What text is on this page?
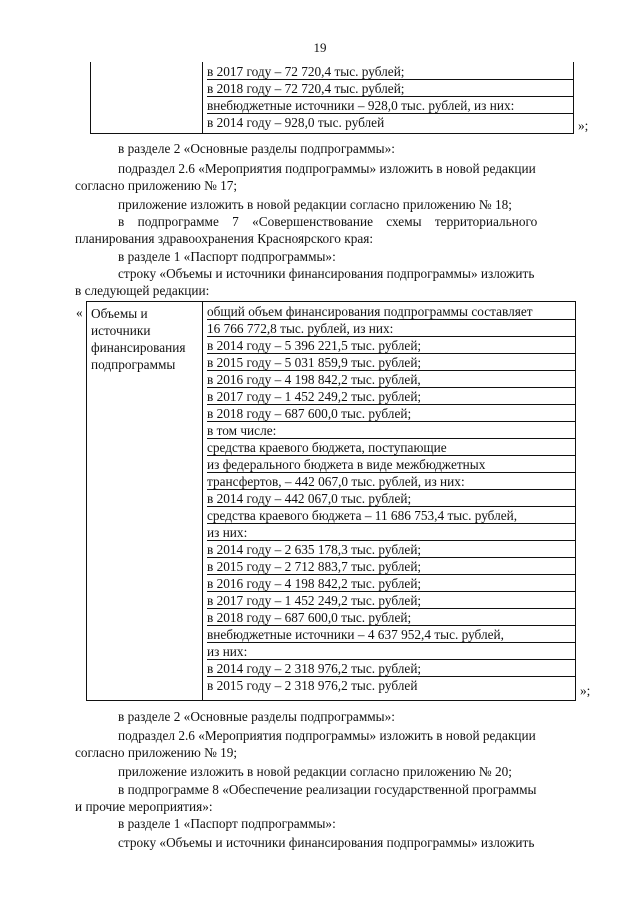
19
в 2017 году – 72 720,4 тыс. рублей;
в 2018 году – 72 720,4 тыс. рублей;
внебюджетные источники – 928,0 тыс. рублей, из них:
в 2014 году – 928,0 тыс. рублей	»;
в разделе 2 «Основные разделы подпрограммы»:
подраздел 2.6 «Мероприятия подпрограммы» изложить в новой редакции
согласно приложению № 17;
приложение изложить в новой редакции согласно приложению № 18;
в    подпрограмме    7    «Совершенствование    схемы    территориального
планирования здравоохранения Красноярского края:
в разделе 1 «Паспорт подпрограммы»:
строку «Объемы и источники финансирования подпрограммы» изложить
в следующей редакции:
« Объемы и
источники
финансирования
подпрограммы
общий объем финансирования подпрограммы составляет
16 766 772,8 тыс. рублей, из них:
в 2014 году – 5 396 221,5 тыс. рублей;
в 2015 году – 5 031 859,9 тыс. рублей;
в 2016 году – 4 198 842,2 тыс. рублей,
в 2017 году – 1 452 249,2 тыс. рублей;
в 2018 году – 687 600,0 тыс. рублей;
в том числе:
средства краевого бюджета, поступающие
из федерального бюджета в виде межбюджетных
трансфертов, – 442 067,0 тыс. рублей, из них:
в 2014 году – 442 067,0 тыс. рублей;
средства краевого бюджета – 11 686 753,4 тыс. рублей,
из них:
в 2014 году – 2 635 178,3 тыс. рублей;
в 2015 году – 2 712 883,7 тыс. рублей;
в 2016 году – 4 198 842,2 тыс. рублей;
в 2017 году – 1 452 249,2 тыс. рублей;
в 2018 году – 687 600,0 тыс. рублей;
внебюджетные источники – 4 637 952,4 тыс. рублей,
из них:
в 2014 году – 2 318 976,2 тыс. рублей;
в 2015 году – 2 318 976,2 тыс. рублей	»;
в разделе 2 «Основные разделы подпрограммы»:
подраздел 2.6 «Мероприятия подпрограммы» изложить в новой редакции
согласно приложению № 19;
приложение изложить в новой редакции согласно приложению № 20;
в подпрограмме 8 «Обеспечение реализации государственной программы
и прочие мероприятия»:
в разделе 1 «Паспорт подпрограммы»:
строку «Объемы и источники финансирования подпрограммы» изложить
